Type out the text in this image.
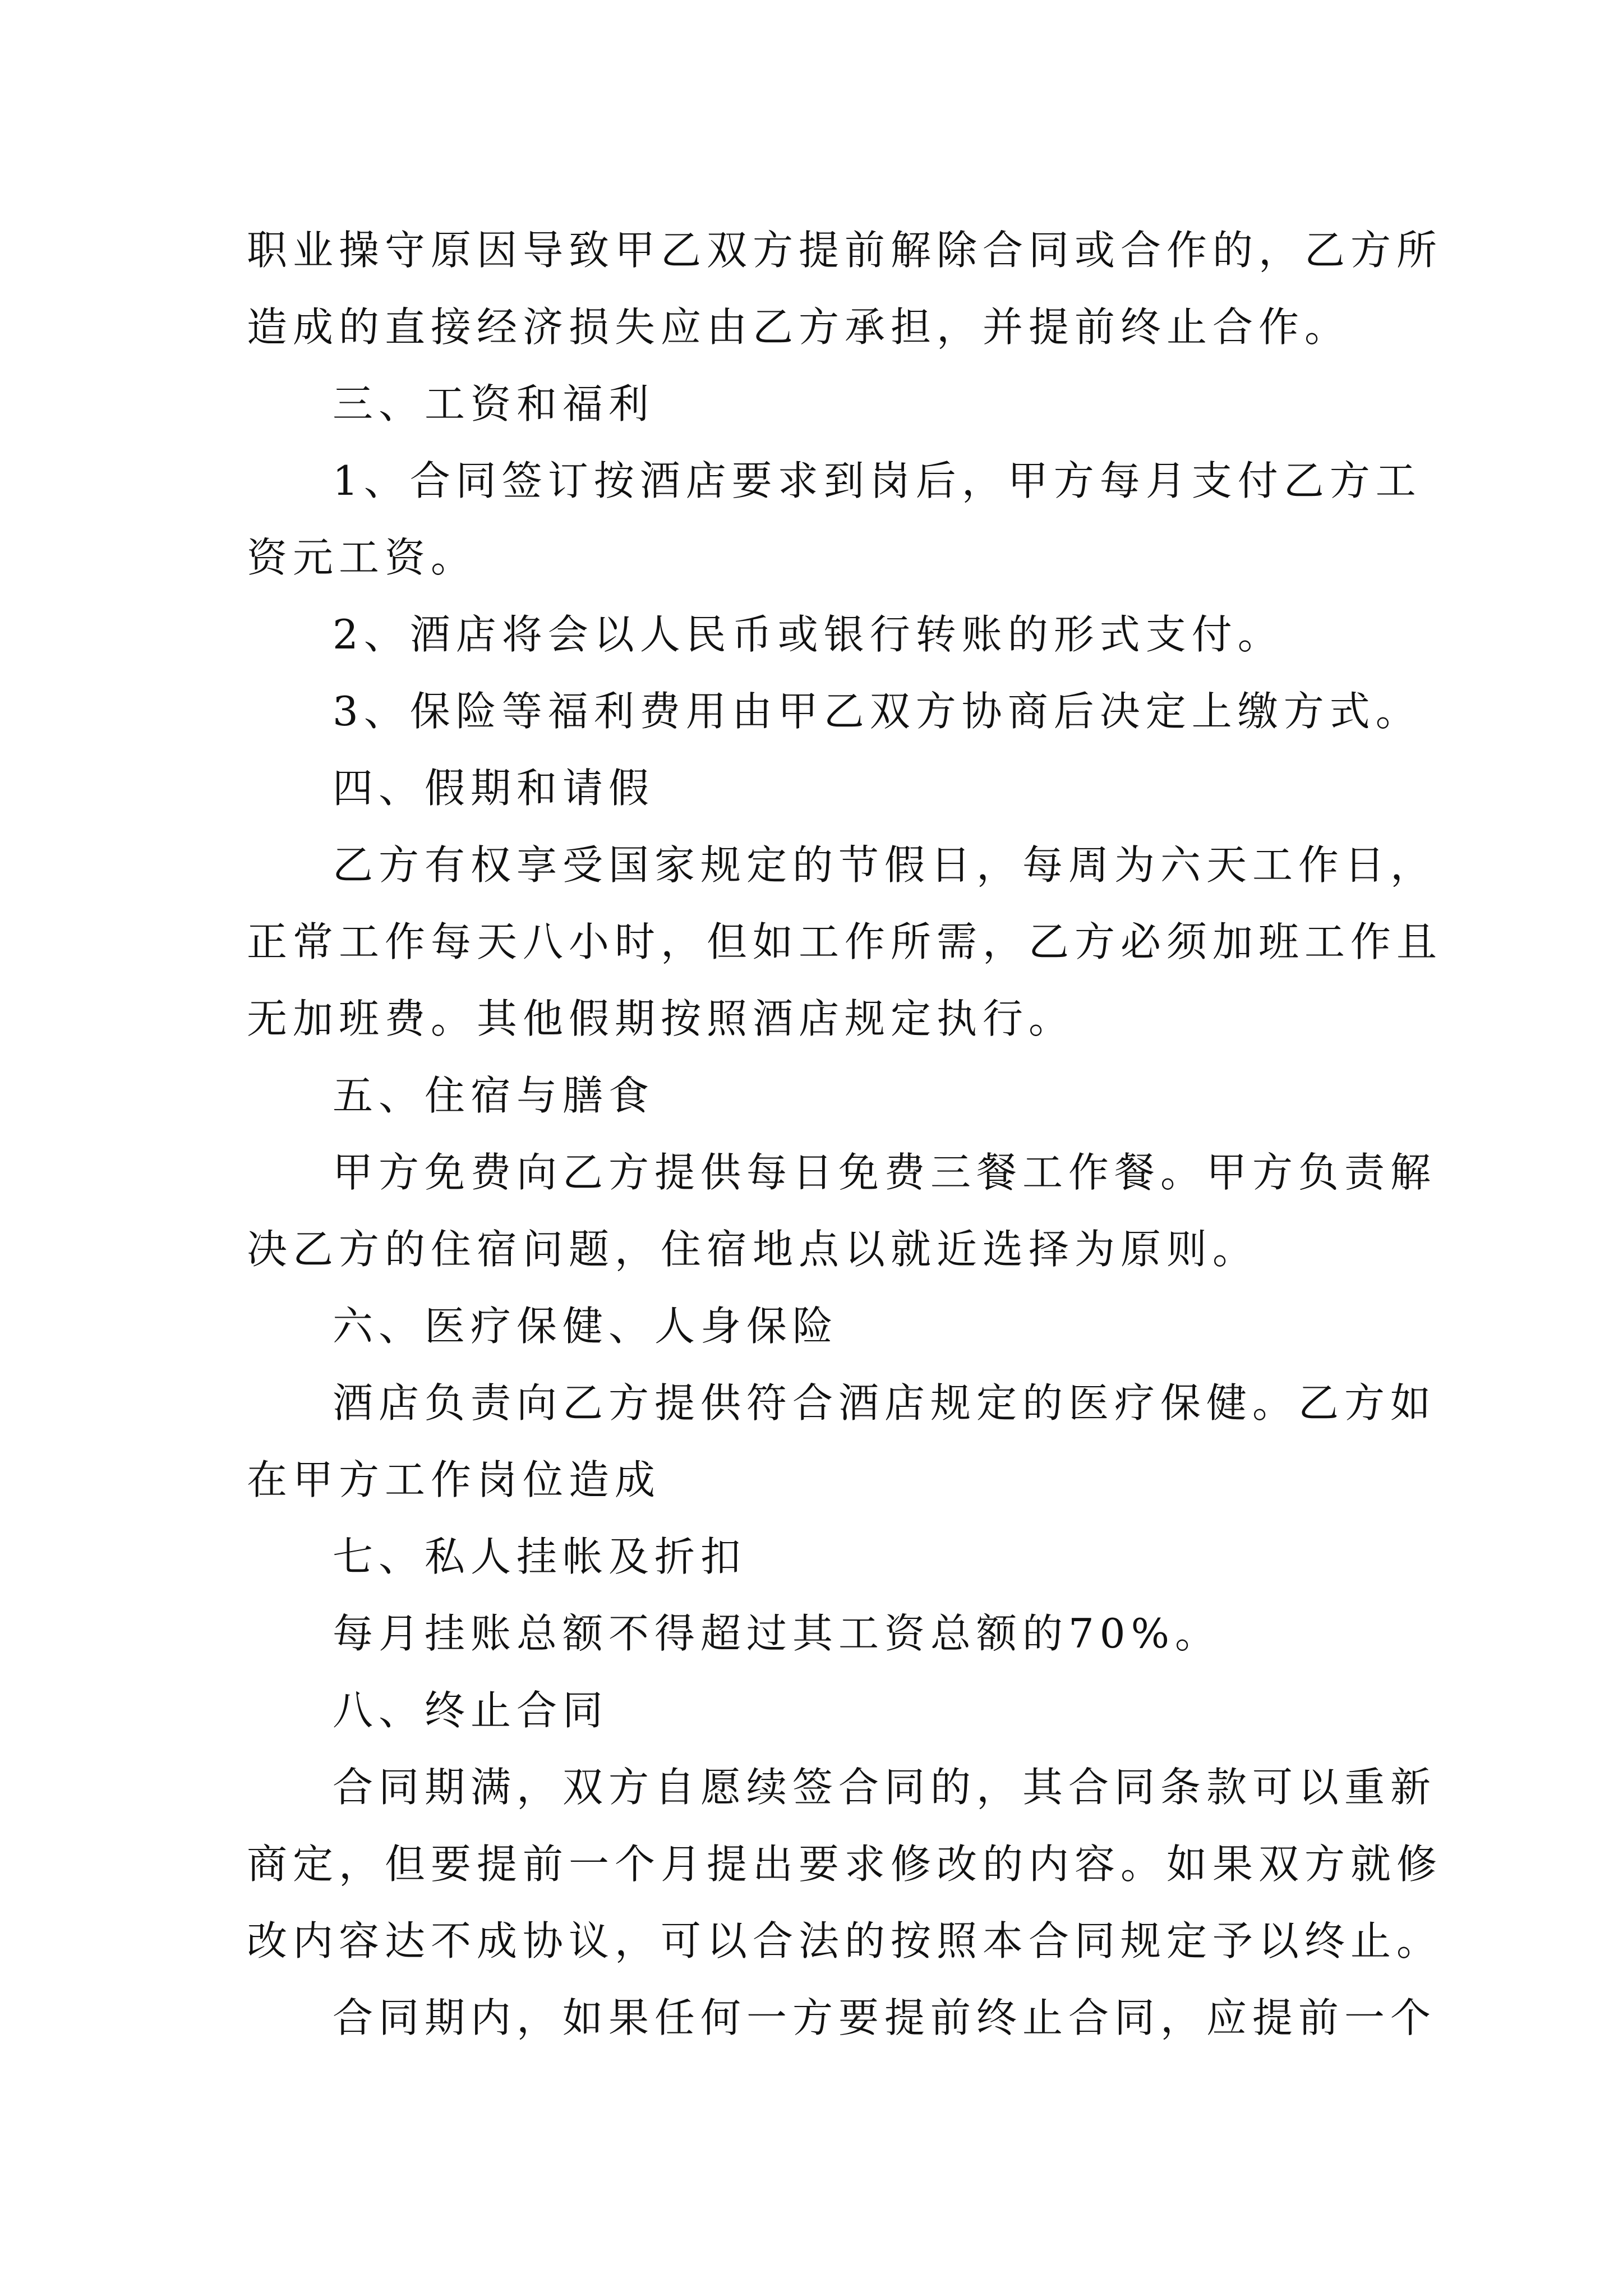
职业操守原因导致甲乙双方提前解除合同或合作的，乙方所
造成的直接经济损失应由乙方承担，并提前终止合作。
三、工资和福利
1、合同签订按酒店要求到岗后，甲方每月支付乙方工
资元工资。
2、酒店将会以人民币或银行转账的形式支付。
3、保险等福利费用由甲乙双方协商后决定上缴方式。
四、假期和请假
乙方有权享受国家规定的节假日，每周为六天工作日，
正常工作每天八小时，但如工作所需，乙方必须加班工作且
无加班费。其他假期按照酒店规定执行。
五、住宿与膳食
甲方免费向乙方提供每日免费三餐工作餐。甲方负责解
决乙方的住宿问题，住宿地点以就近选择为原则。
六、医疗保健、人身保险
酒店负责向乙方提供符合酒店规定的医疗保健。乙方如
在甲方工作岗位造成
七、私人挂帐及折扣
每月挂账总额不得超过其工资总额的70%。
八、终止合同
合同期满，双方自愿续签合同的，其合同条款可以重新
商定，但要提前一个月提出要求修改的内容。如果双方就修
改内容达不成协议，可以合法的按照本合同规定予以终止。
合同期内，如果任何一方要提前终止合同，应提前一个
